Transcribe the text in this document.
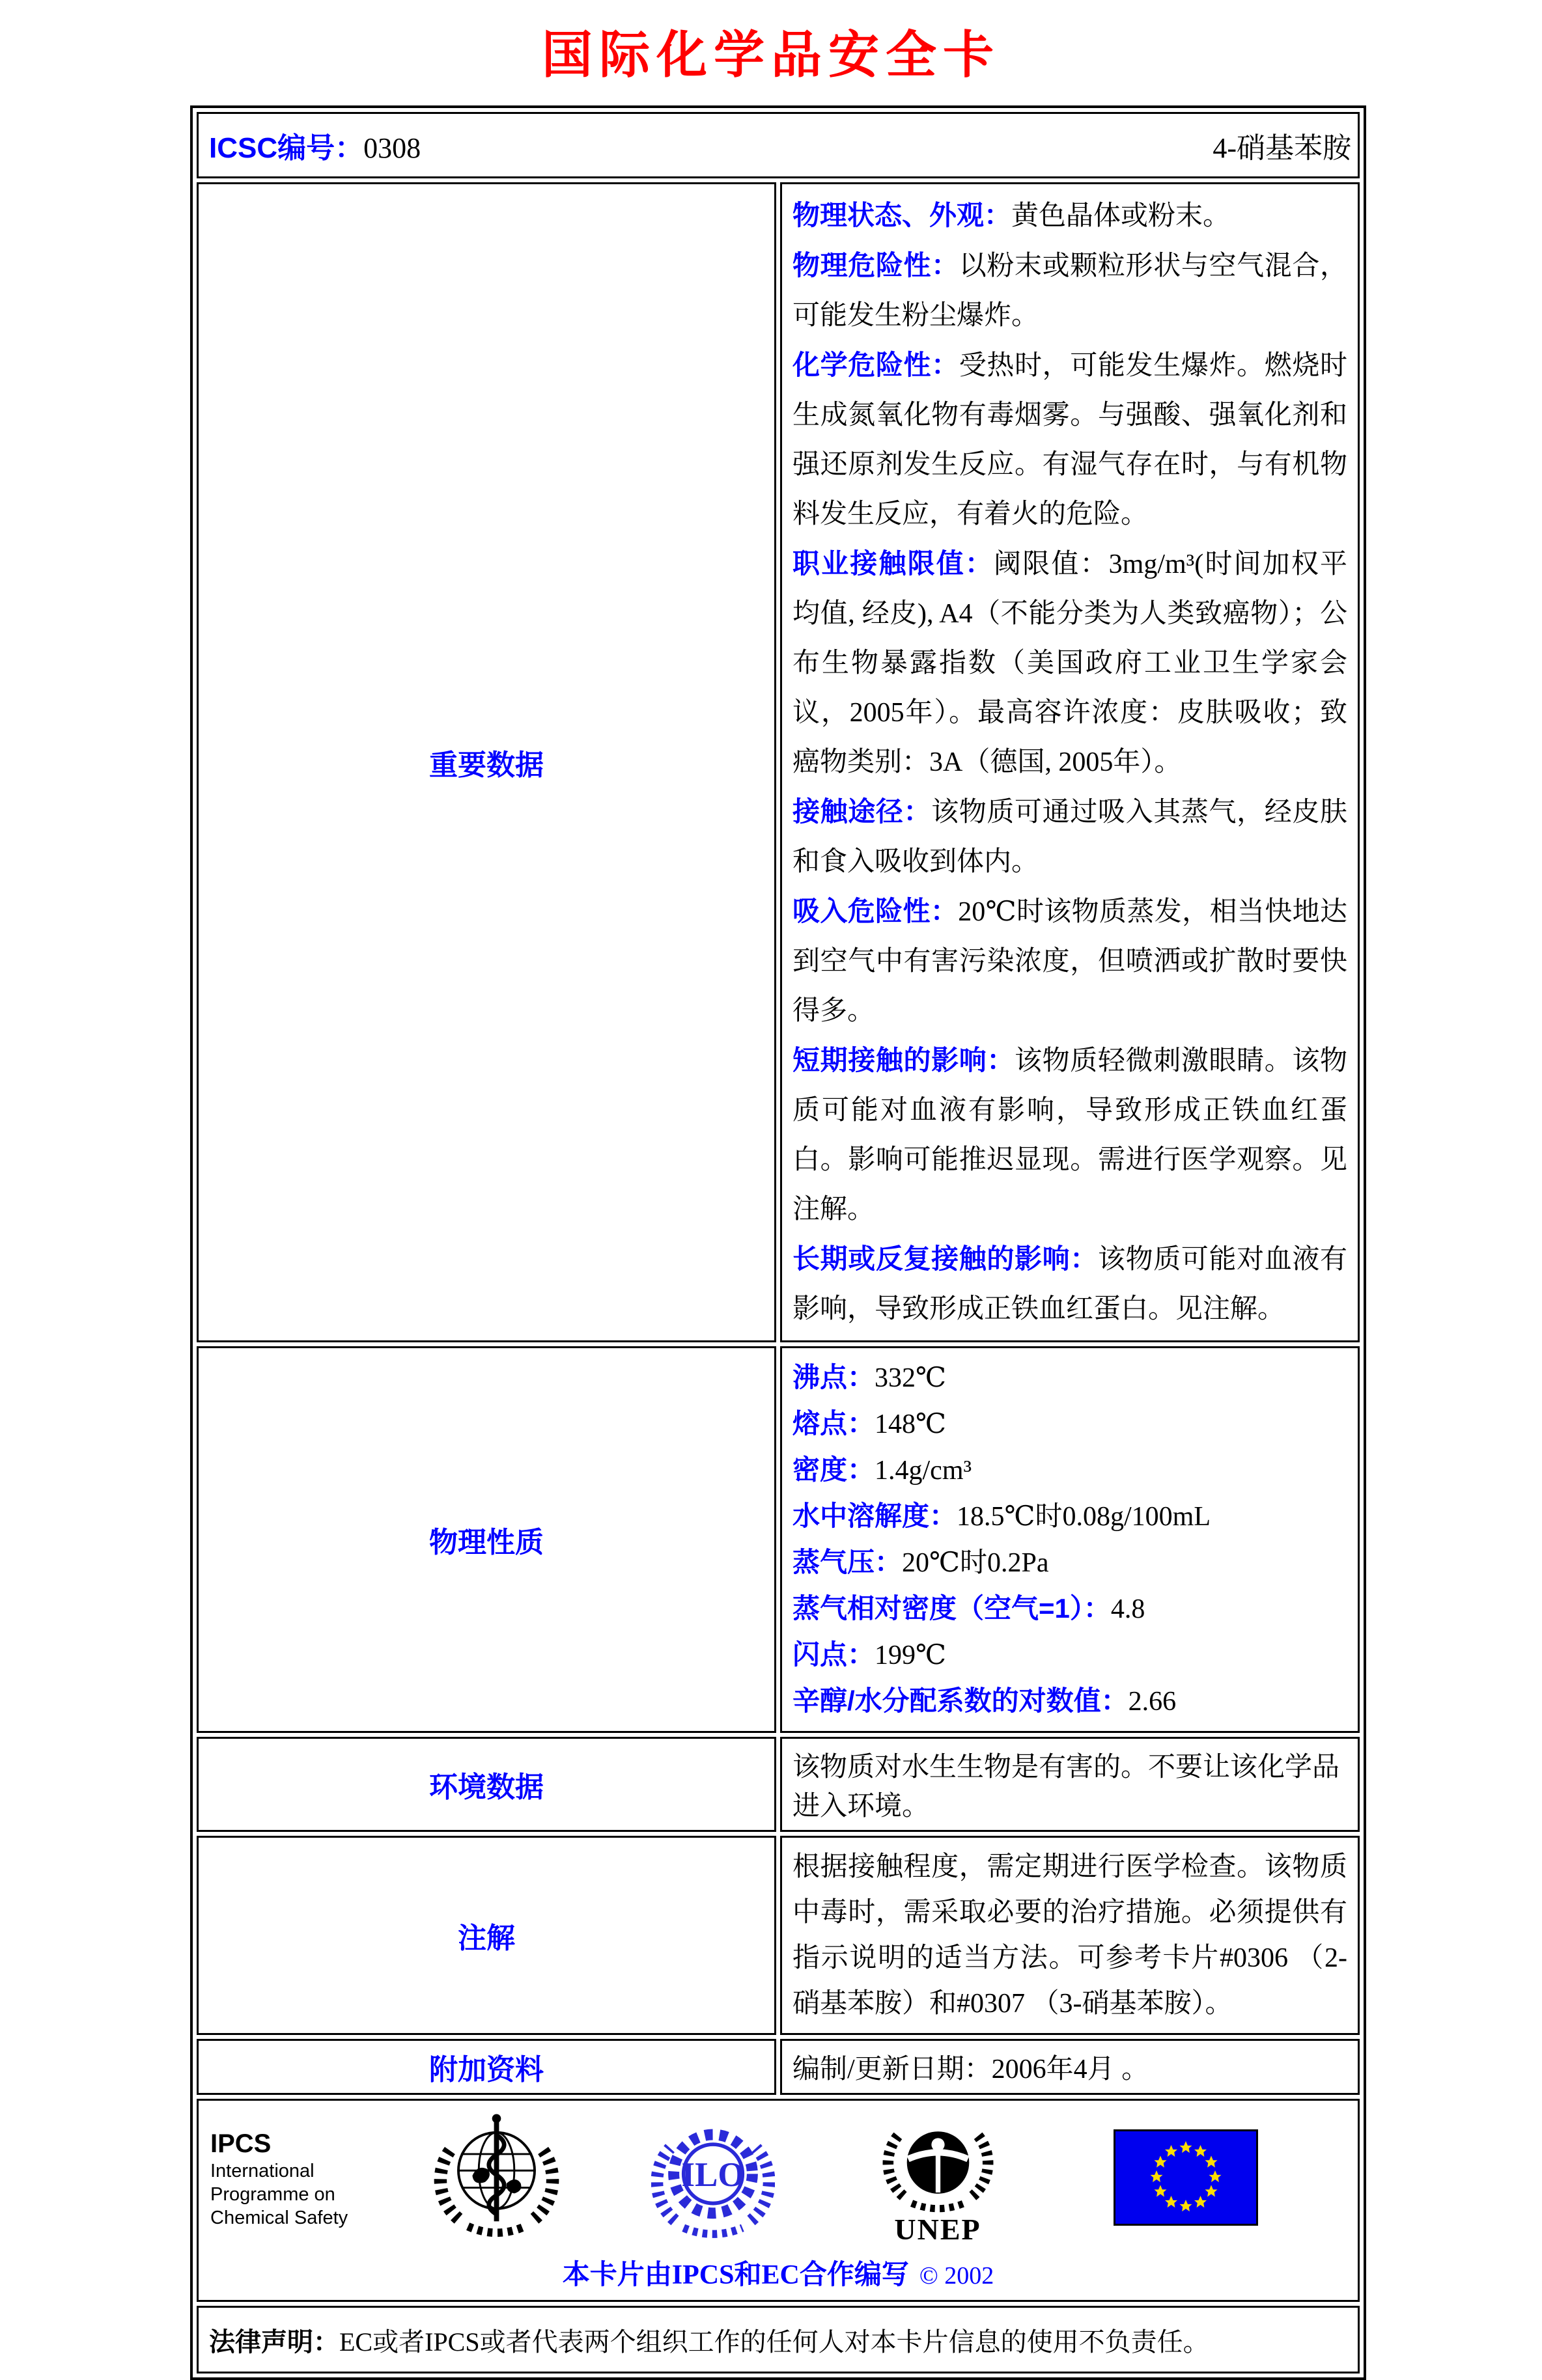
国际化学品安全卡
ICSC编号：0308 4-硝基苯胺	

重要数据	
物理状态、外观：黄色晶体或粉末。
物理危险性：以粉末或颗粒形状与空气混合，可能发生粉尘爆炸。
化学危险性：受热时，可能发生爆炸。燃烧时生成氮氧化物有毒烟雾。与强酸、强氧化剂和强还原剂发生反应。有湿气存在时，与有机物料发生反应，有着火的危险。
职业接触限值：阈限值：3mg/m³(时间加权平均值, 经皮), A4（不能分类为人类致癌物）；公布生物暴露指数（美国政府工业卫生学家会议，2005年）。最高容许浓度：皮肤吸收；致癌物类别：3A（德国, 2005年）。
接触途径：该物质可通过吸入其蒸气，经皮肤和食入吸收到体内。
吸入危险性：20℃时该物质蒸发，相当快地达到空气中有害污染浓度，但喷洒或扩散时要快得多。
短期接触的影响：该物质轻微刺激眼睛。该物质可能对血液有影响，导致形成正铁血红蛋白。影响可能推迟显现。需进行医学观察。见注解。
长期或反复接触的影响：该物质可能对血液有影响，导致形成正铁血红蛋白。见注解。

物理性质	
沸点：332℃
熔点：148℃
密度：1.4g/cm³
水中溶解度：18.5℃时0.08g/100mL
蒸气压：20℃时0.2Pa
蒸气相对密度（空气=1）：4.8
闪点：199℃
辛醇/水分配系数的对数值：2.66

环境数据	该物质对水生生物是有害的。不要让该化学品进入环境。
注解	根据接触程度，需定期进行医学检查。该物质中毒时，需采取必要的治疗措施。必须提供有指示说明的适当方法。可参考卡片#0306 （2-硝基苯胺）和#0307 （3-硝基苯胺）。

附加资料	编制/更新日期：2006年4月 。

IPCS
International
Programme on
Chemical Safety
ILO
UNEP
本卡片由IPCS和EC合作编写 © 2002

法律声明：EC或者IPCS或者代表两个组织工作的任何人对本卡片信息的使用不负责任。	
